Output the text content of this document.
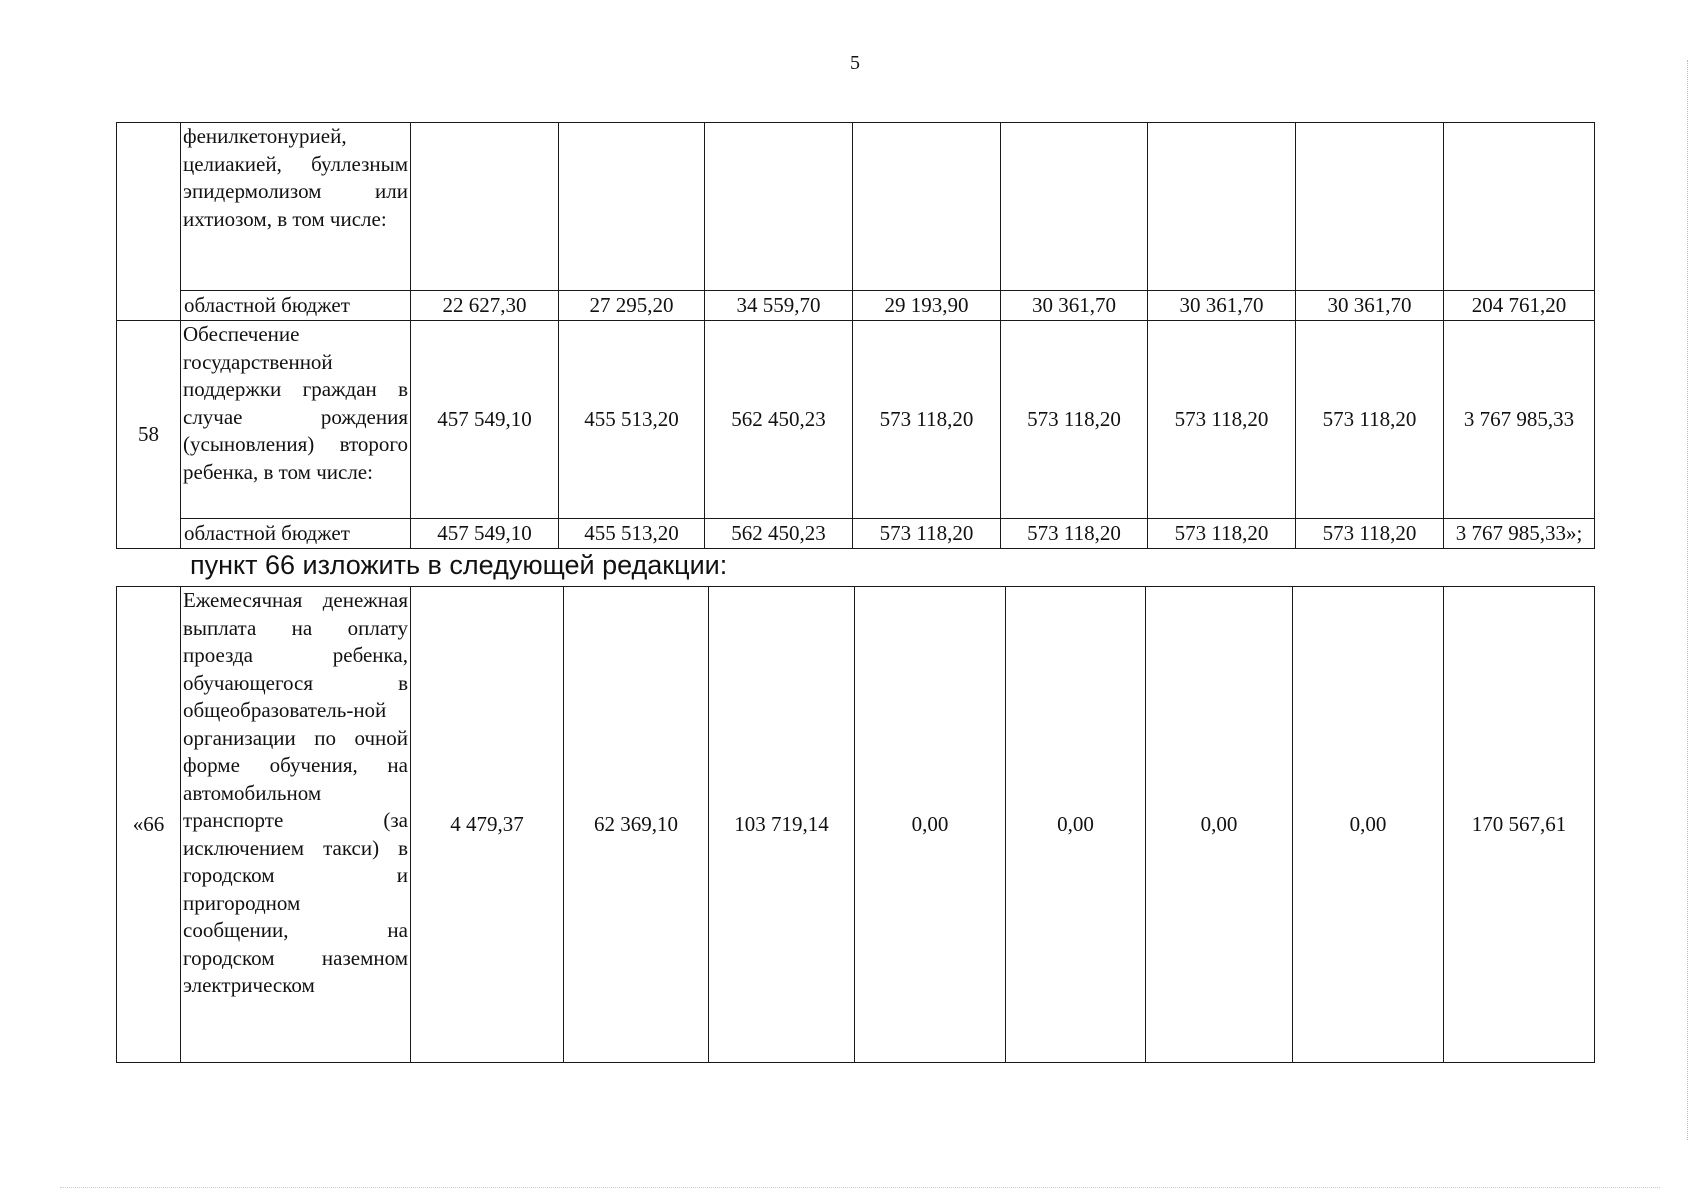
5
	фенилкетонурией, целиакией, буллезным эпидермолизом или ихтиозом, в том числе:								
	областной бюджет	22 627,30	27 295,20	34 559,70	29 193,90	30 361,70	30 361,70	30 361,70	204 761,20
58	Обеспечение государственной поддержки граждан в случае рождения (усыновления) второго ребенка, в том числе:	457 549,10	455 513,20	562 450,23	573 118,20	573 118,20	573 118,20	573 118,20	3 767 985,33
	областной бюджет	457 549,10	455 513,20	562 450,23	573 118,20	573 118,20	573 118,20	573 118,20	3 767 985,33»;
пункт 66 изложить в следующей редакции:
«66	Ежемесячная денежная выплата на оплату проезда ребенка, обучающегося в общеобразователь-ной организации по очной форме обучения, на автомобильном транспорте (за исключением такси) в городском и пригородном сообщении, на городском наземном электрическом	4 479,37	62 369,10	103 719,14	0,00	0,00	0,00	0,00	170 567,61
